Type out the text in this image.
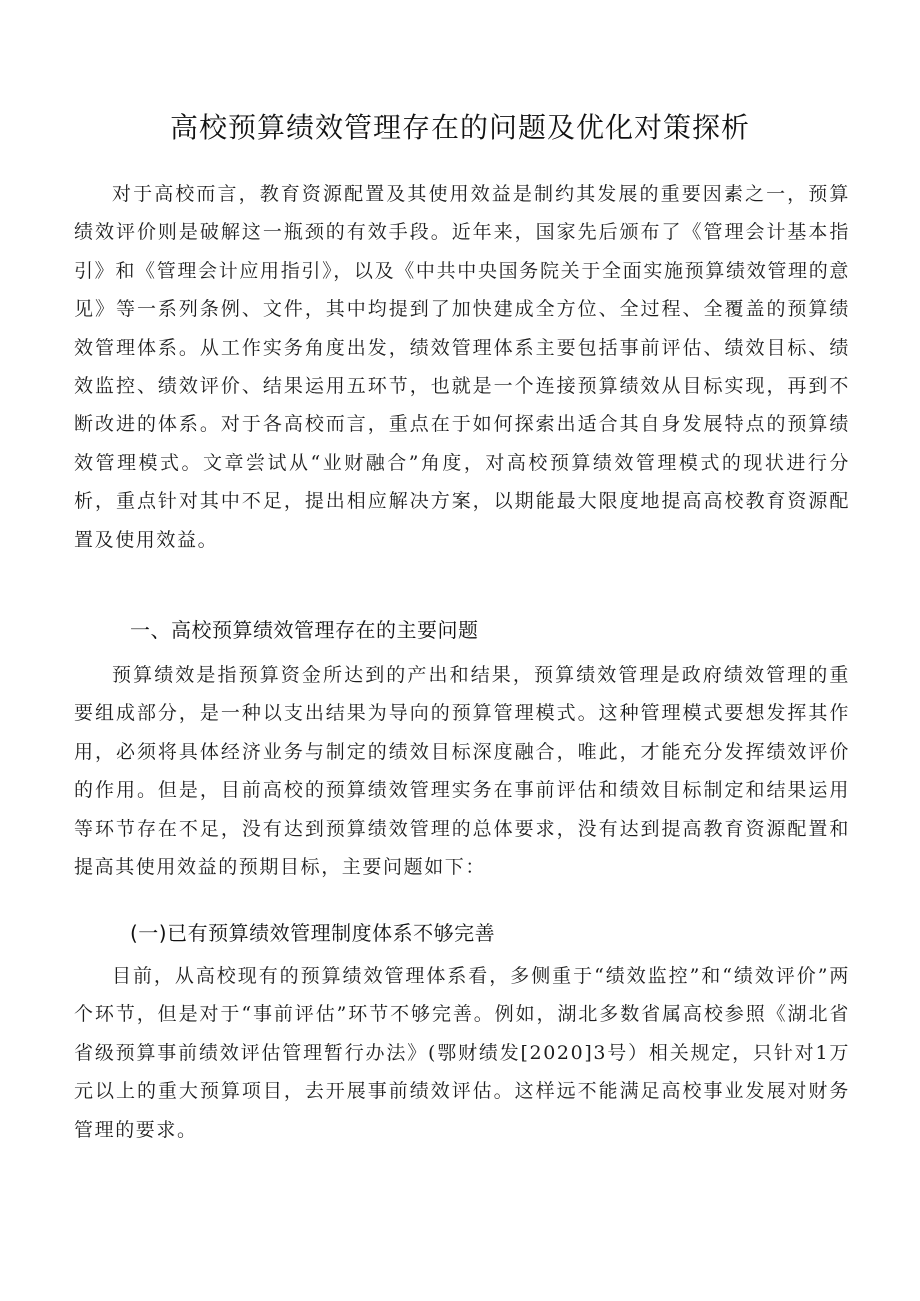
高校预算绩效管理存在的问题及优化对策探析

对于高校而言，教育资源配置及其使用效益是制约其发展的重要因素之一，预算绩效评价则是破解这一瓶颈的有效手段。近年来，国家先后颁布了《管理会计基本指引》和《管理会计应用指引》，以及《中共中央国务院关于全面实施预算绩效管理的意见》等一系列条例、文件，其中均提到了加快建成全方位、全过程、全覆盖的预算绩效管理体系。从工作实务角度出发，绩效管理体系主要包括事前评估、绩效目标、绩效监控、绩效评价、结果运用五环节，也就是一个连接预算绩效从目标实现，再到不断改进的体系。对于各高校而言，重点在于如何探索出适合其自身发展特点的预算绩效管理模式。文章尝试从“业财融合”角度，对高校预算绩效管理模式的现状进行分析，重点针对其中不足，提出相应解决方案，以期能最大限度地提高高校教育资源配置及使用效益。

一、高校预算绩效管理存在的主要问题

预算绩效是指预算资金所达到的产出和结果，预算绩效管理是政府绩效管理的重要组成部分，是一种以支出结果为导向的预算管理模式。这种管理模式要想发挥其作用，必须将具体经济业务与制定的绩效目标深度融合，唯此，才能充分发挥绩效评价的作用。但是，目前高校的预算绩效管理实务在事前评估和绩效目标制定和结果运用等环节存在不足，没有达到预算绩效管理的总体要求，没有达到提高教育资源配置和提高其使用效益的预期目标，主要问题如下：

(一)已有预算绩效管理制度体系不够完善

目前，从高校现有的预算绩效管理体系看，多侧重于“绩效监控”和“绩效评价”两个环节，但是对于“事前评估”环节不够完善。例如，湖北多数省属高校参照《湖北省省级预算事前绩效评估管理暂行办法》(鄂财绩发[2020]3号）相关规定，只针对1万元以上的重大预算项目，去开展事前绩效评估。这样远不能满足高校事业发展对财务管理的要求。
